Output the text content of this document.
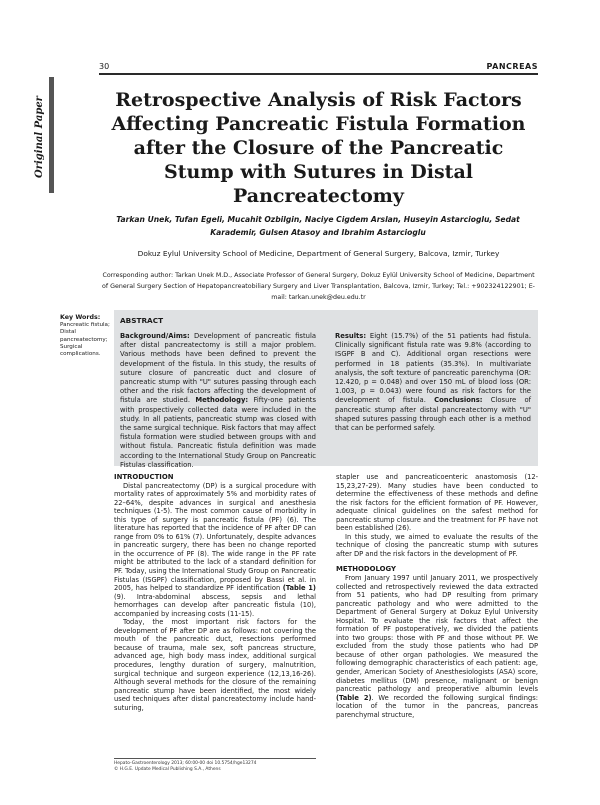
30	PANCREAS
Original Paper	Retrospective Analysis of Risk Factors Affecting Pancreatic Fistula Formation after the Closure of the Pancreatic Stump with Sutures in Distal Pancreatectomy
Tarkan Unek, Tufan Egeli, Mucahit Ozbilgin, Naciye Cigdem Arslan, Huseyin Astarcioglu, Sedat Karademir, Gulsen Atasoy and Ibrahim Astarcioglu
Dokuz Eylul University School of Medicine, Department of General Surgery, Balcova, Izmir, Turkey
Corresponding author: Tarkan Unek M.D., Associate Professor of General Surgery, Dokuz Eylül University School of Medicine, Department of General Surgery Section of Hepatopancreatobiliary Surgery and Liver Transplantation, Balcova, Izmir, Turkey; Tel.: +902324122901; E-mail: tarkan.unek@deu.edu.tr
Key Words:
Pancreatic fistula; Distal pancreatectomy; Surgical complications.
ABSTRACT
Background/Aims: Development of pancreatic fistula after distal pancreatectomy is still a major problem. Various methods have been defined to prevent the development of the fistula. In this study, the results of suture closure of pancreatic duct and closure of pancreatic stump with "U" sutures passing through each other and the risk factors affecting the development of fistula are studied. Methodology: Fifty-one patients with prospectively collected data were included in the study. In all patients, pancreatic stump was closed with the same surgical technique. Risk factors that may affect fistula formation were studied between groups with and without fistula. Pancreatic fistula definition was made according to the International Study Group on Pancreatic Fistulas classification.
Results: Eight (15.7%) of the 51 patients had fistula. Clinically significant fistula rate was 9.8% (according to ISGPF B and C). Additional organ resections were performed in 18 patients (35.3%). In multivariate analysis, the soft texture of pancreatic parenchyma (OR: 12.420, p = 0.048) and over 150 mL of blood loss (OR: 1.003, p = 0.043) were found as risk factors for the development of fistula. Conclusions: Closure of pancreatic stump after distal pancreatectomy with "U" shaped sutures passing through each other is a method that can be performed safely.
INTRODUCTION

Distal pancreatectomy (DP) is a surgical procedure with mortality rates of approximately 5% and morbidity rates of 22–64%, despite advances in surgical and anesthesia techniques (1-5). The most common cause of morbidity in this type of surgery is pancreatic fistula (PF) (6). The literature has reported that the incidence of PF after DP can range from 0% to 61% (7). Unfortunately, despite advances in pancreatic surgery, there has been no change reported in the occurrence of PF (8). The wide range in the PF rate might be attributed to the lack of a standard definition for PF. Today, using the International Study Group on Pancreatic Fistulas (ISGPF) classification, proposed by Bassi et al. in 2005, has helped to standardize PF identification (Table 1) (9). Intra-abdominal abscess, sepsis and lethal hemorrhages can develop after pancreatic fistula (10), accompanied by increasing costs (11-15).

Today, the most important risk factors for the development of PF after DP are as follows: not covering the mouth of the pancreatic duct, resections performed because of trauma, male sex, soft pancreas structure, advanced age, high body mass index, additional surgical procedures, lengthy duration of surgery, malnutrition, surgical technique and surgeon experience (12,13,16-26). Although several methods for the closure of the remaining pancreatic stump have been identified, the most widely used techniques after distal pancreatectomy include hand-suturing,

stapler use and pancreaticoenteric anastomosis (12-15,23,27-29). Many studies have been conducted to determine the effectiveness of these methods and define the risk factors for the efficient formation of PF. However, adequate clinical guidelines on the safest method for pancreatic stump closure and the treatment for PF have not been established (26).

In this study, we aimed to evaluate the results of the technique of closing the pancreatic stump with sutures after DP and the risk factors in the development of PF.

METHODOLOGY

From January 1997 until January 2011, we prospectively collected and retrospectively reviewed the data extracted from 51 patients, who had DP resulting from primary pancreatic pathology and who were admitted to the Department of General Surgery at Dokuz Eylul University Hospital. To evaluate the risk factors that affect the formation of PF postoperatively, we divided the patients into two groups: those with PF and those without PF. We excluded from the study those patients who had DP because of other organ pathologies. We measured the following demographic characteristics of each patient: age, gender, American Society of Anesthesiologists (ASA) score, diabetes mellitus (DM) presence, malignant or benign pancreatic pathology and preoperative albumin levels (Table 2). We recorded the following surgical findings: location of the tumor in the pancreas, pancreas parenchymal structure,

Hepato-Gastroenterology 2013; 60:00-00 doi 10.5754/hge13274
© H.G.E. Update Medical Publishing S.A., Athens
